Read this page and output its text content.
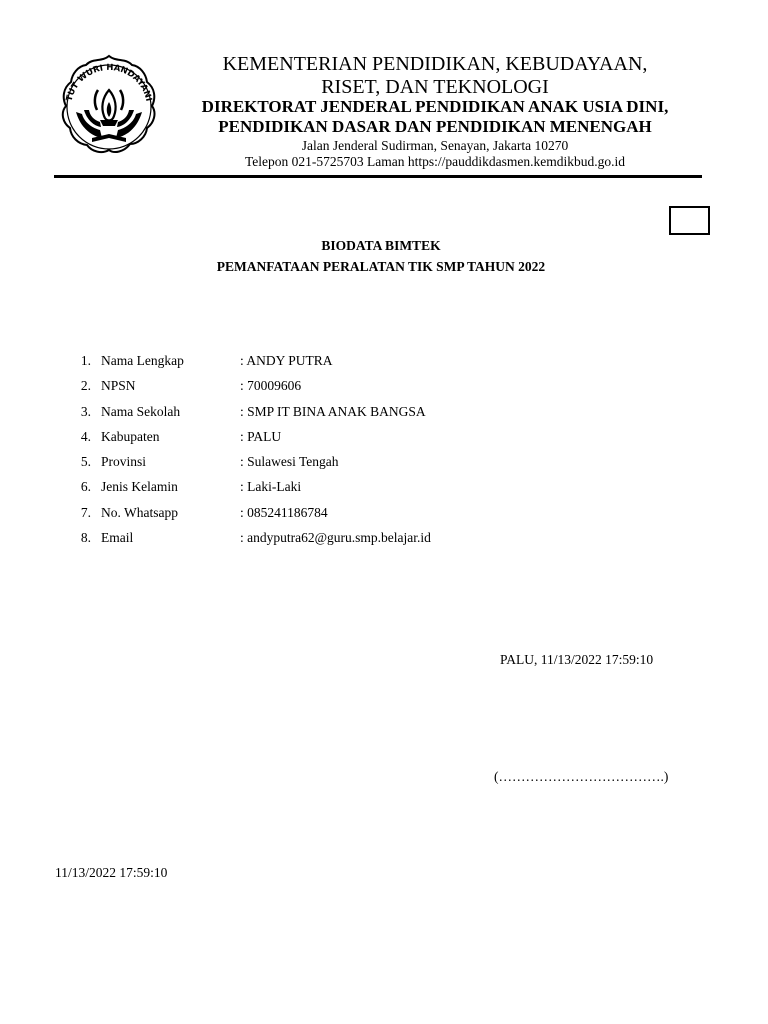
TUT WURI HANDAYANI
KEMENTERIAN PENDIDIKAN, KEBUDAYAAN,
RISET, DAN TEKNOLOGI
DIREKTORAT JENDERAL PENDIDIKAN ANAK USIA DINI,
PENDIDIKAN DASAR DAN PENDIDIKAN MENENGAH
Jalan Jenderal Sudirman, Senayan, Jakarta 10270
Telepon 021-5725703 Laman https://pauddikdasmen.kemdikbud.go.id
BIODATA BIMTEK
PEMANFATAAN PERALATAN TIK SMP TAHUN 2022
1. Nama Lengkap	: ANDY PUTRA
2. NPSN	: 70009606
3. Nama Sekolah	: SMP IT BINA ANAK BANGSA
4. Kabupaten	: PALU
5. Provinsi	: Sulawesi Tengah
6. Jenis Kelamin	: Laki-Laki
7. No. Whatsapp	: 085241186784
8. Email	: andyputra62@guru.smp.belajar.id
PALU, 11/13/2022 17:59:10
(……………………………….)
11/13/2022 17:59:10
